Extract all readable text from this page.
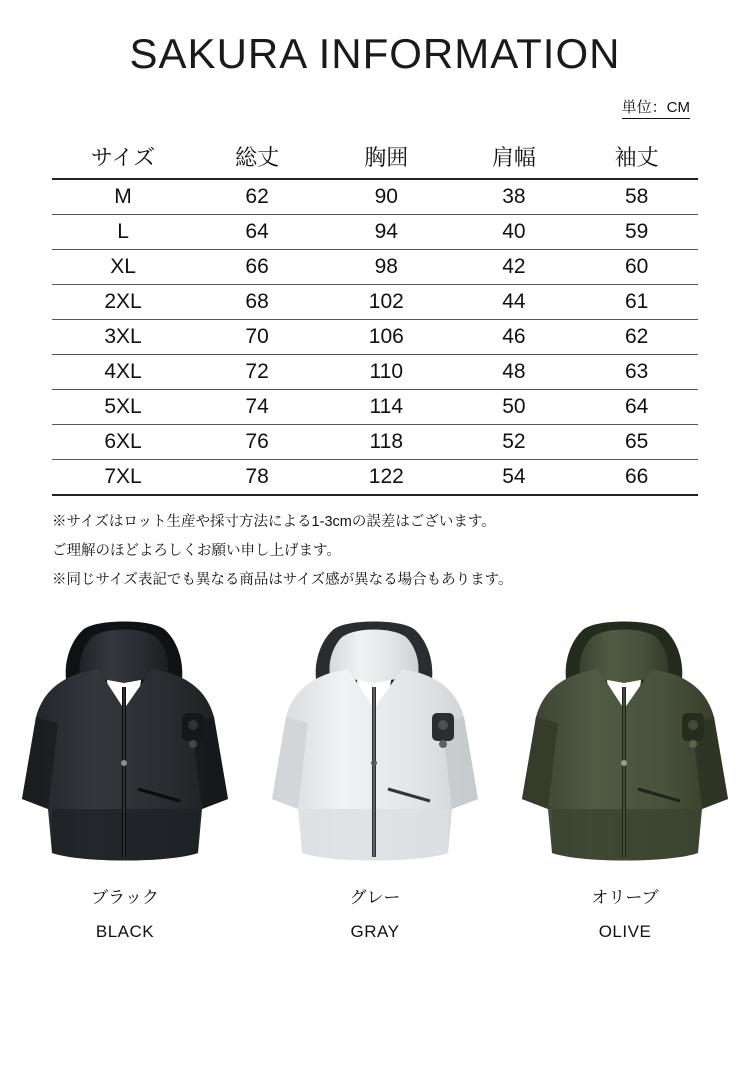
SAKURA INFORMATION
単位：CM
サイズ	総丈	胸囲	肩幅	袖丈
M	62	90	38	58
L	64	94	40	59
XL	66	98	42	60
2XL	68	102	44	61
3XL	70	106	46	62
4XL	72	110	48	63
5XL	74	114	50	64
6XL	76	118	52	65
7XL	78	122	54	66
※サイズはロット生産や採寸方法による1-3cmの誤差はございます。
ご理解のほどよろしくお願い申し上げます。
※同じサイズ表記でも異なる商品はサイズ感が異なる場合もあります。
ブラック
BLACK
グレー
GRAY
オリーブ
OLIVE
